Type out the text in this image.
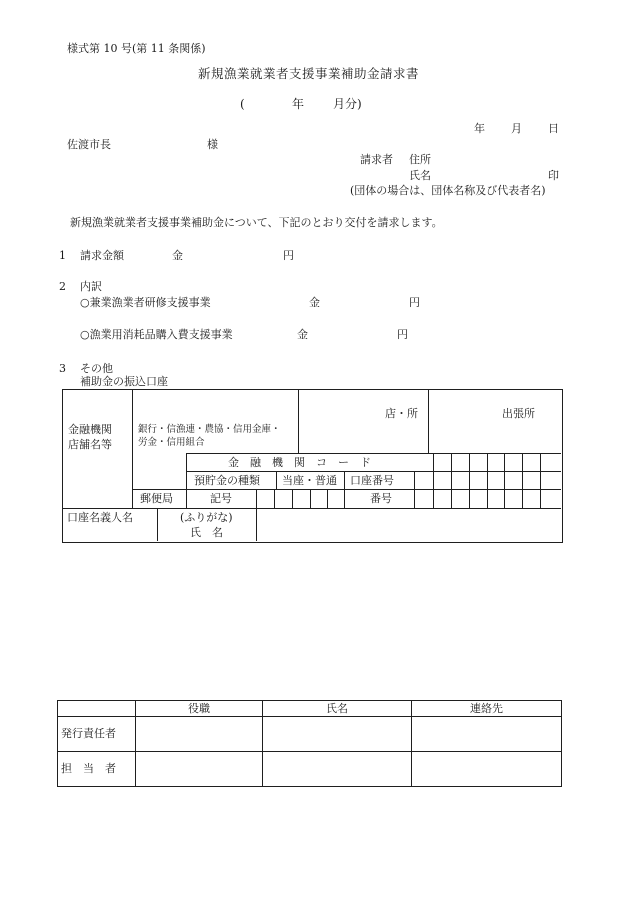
様式第 10 号(第 11 条関係)
新規漁業就業者支援事業補助金請求書
(	年 月分)
年 月 日
佐渡市長	様
請求者 住所
氏名	印
(団体の場合は、団体名称及び代表者名)
新規漁業就業者支援事業補助金について、下記のとおり交付を請求します。
1 請求金額	金	円
2 内訳
○兼業漁業者研修支援事業	金	円
○漁業用消耗品購入費支援事業	金	円
3 その他
補助金の振込口座
金融機関
店舗名等
銀行・信漁連・農協・信用金庫・
労金・信用組合
店・所	出張所
金　融　機　関　コ　ー　ド
預貯金の種類 当座・普通 口座番号
郵便局	記号	番号
口座名義人名	(ふりがな)
氏　名
	役職	氏名	連絡先
発行責任者			
担　当　者			
